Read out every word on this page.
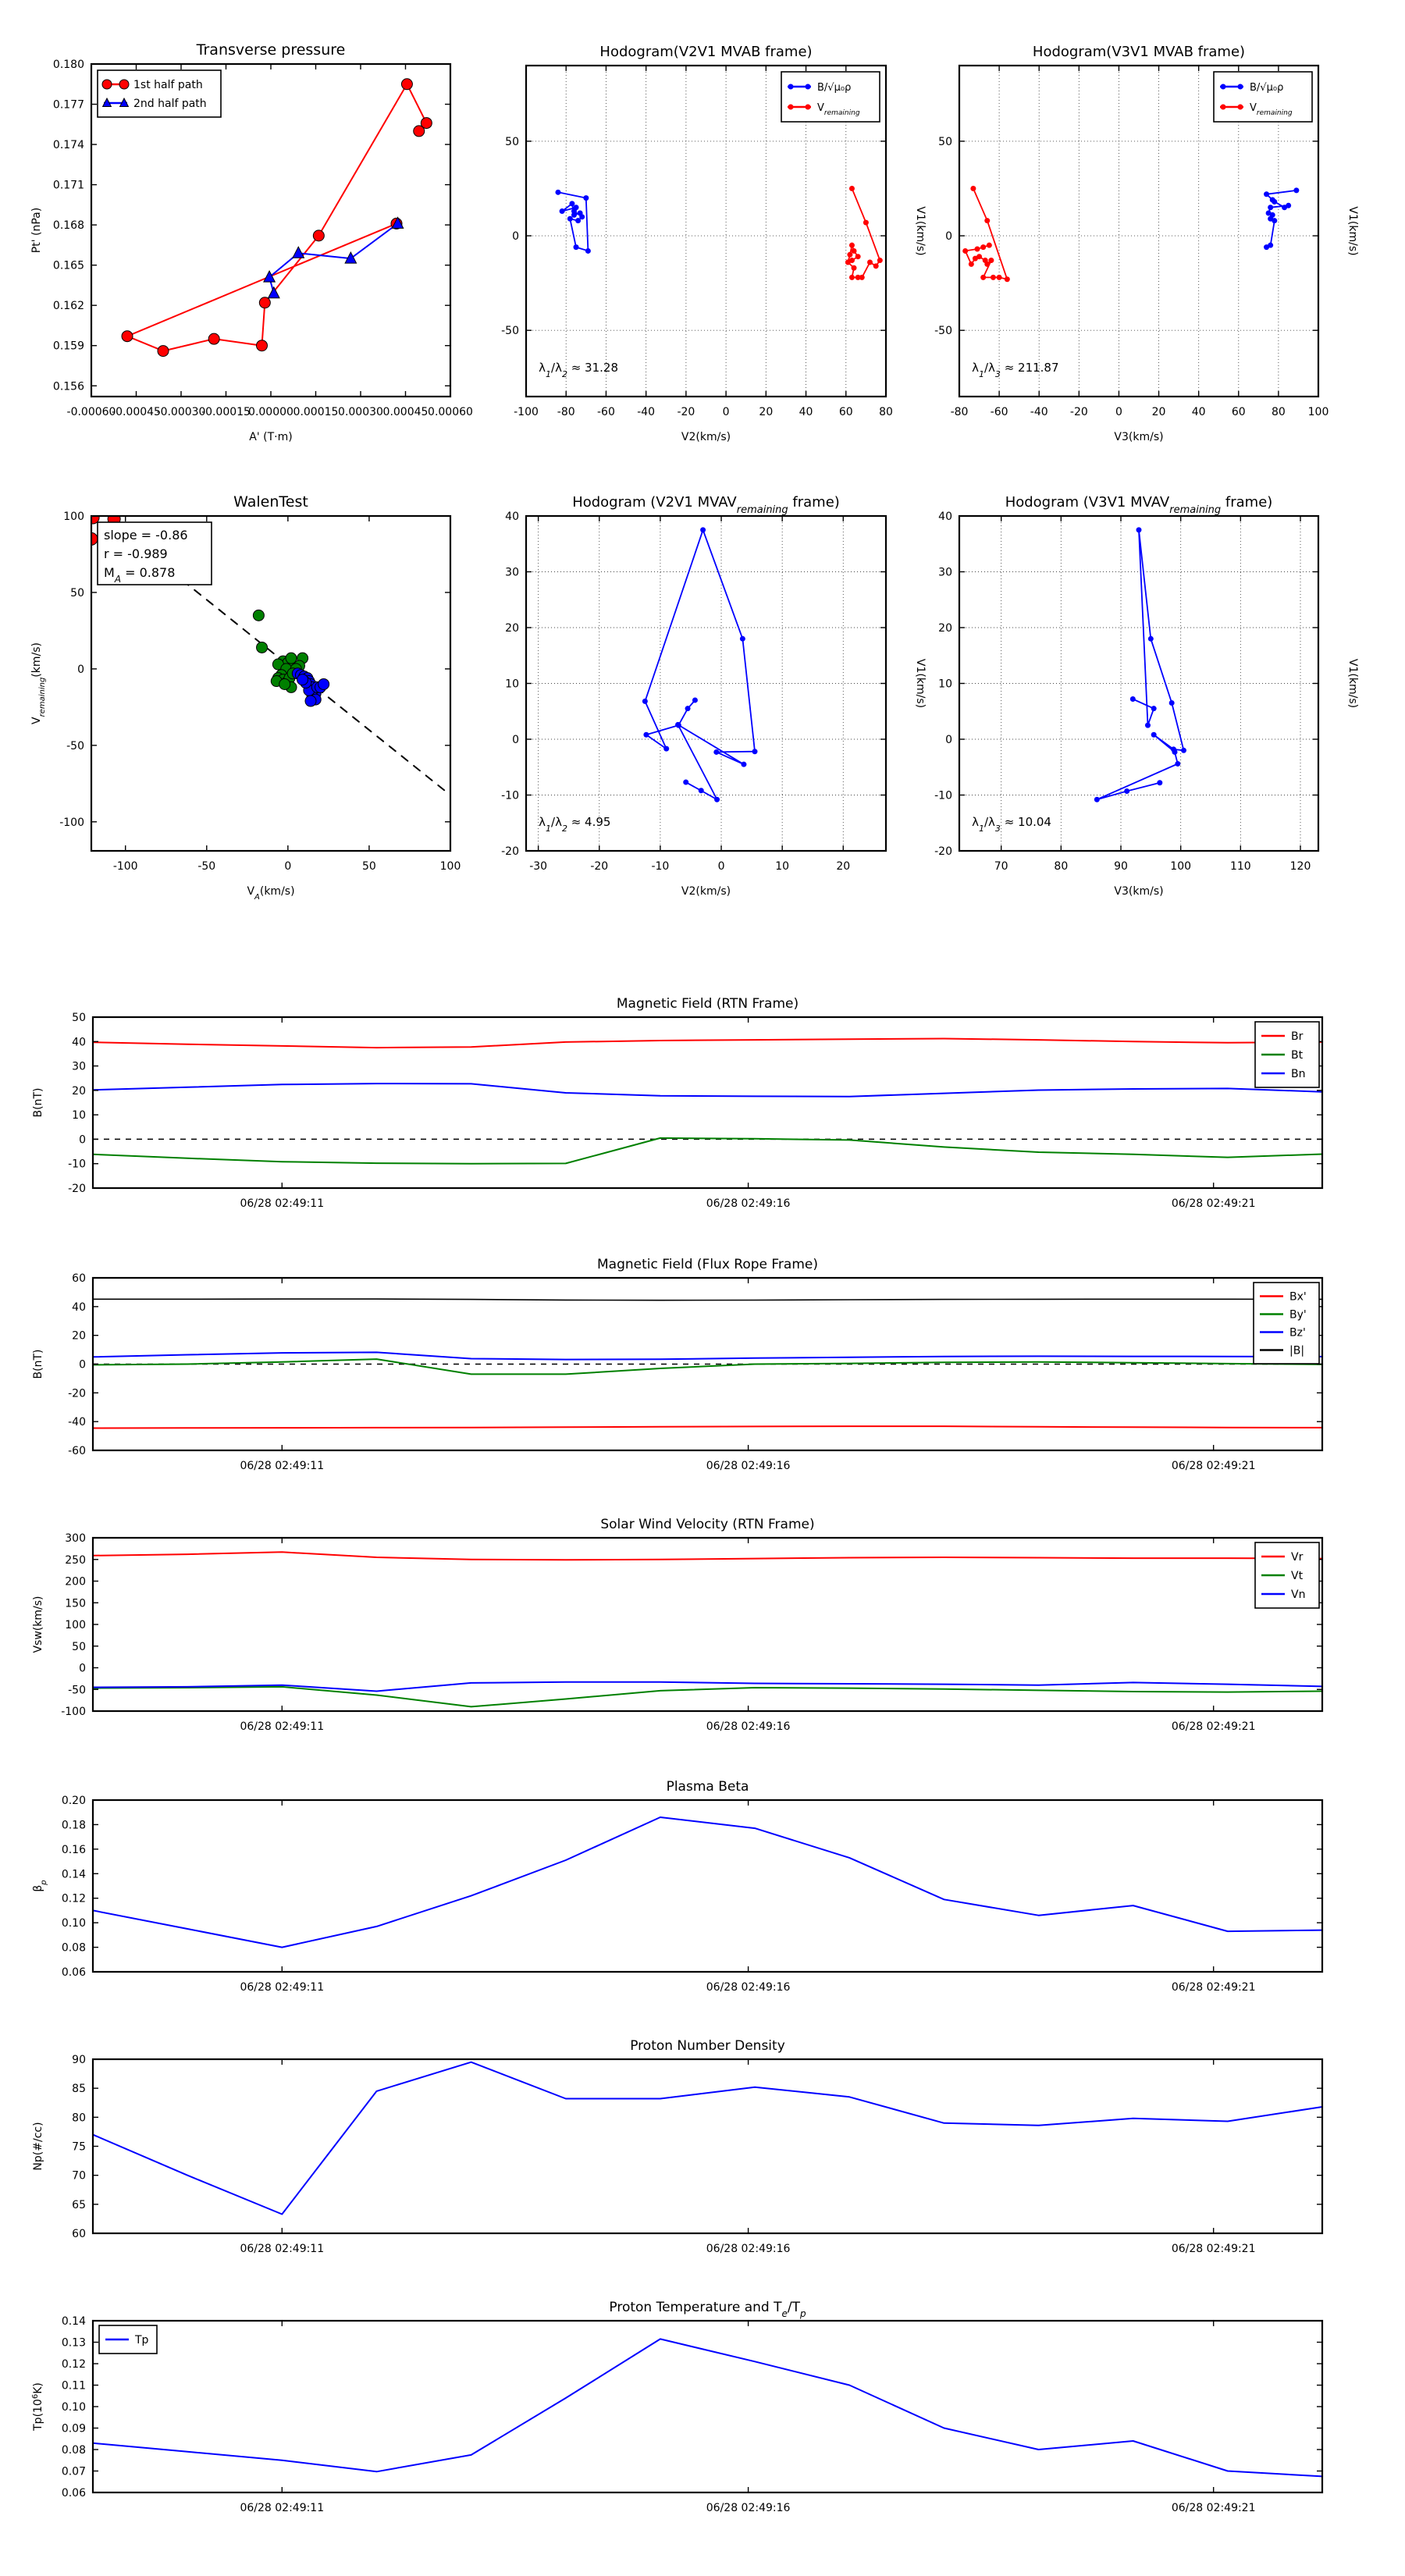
-0.00060
-0.00045
-0.00030
-0.00015
0.00000 0.00015 0.00030 0.00045 0.00060
0.156
0.159
0.162
0.165
0.168
0.171
0.174
0.177
0.180
Transverse pressure
A' (T·m)
Pt' (nPa)
1st half path
2nd half path
-100 -80 -60 -40 -20	0	20 40 60 80
-50
0
50
Hodogram(V2V1 MVAB frame)
V2(km/s)
V1(km/s)
B/√μ₀ρ
$V_{remaining}$
$\lambda_1/\lambda_2 \approx 31.28$
-80 -60 -40 -20	0	20 40 60 80 100
-50
0
50
Hodogram(V3V1 MVAB frame)
V3(km/s)
V1(km/s)
B/√μ₀ρ
$V_{remaining}$
$\lambda_1/\lambda_3 \approx 211.87$
-100	-50	0	50	100
-100
-50
0
50
100
WalenTest
$V_A(km/s)$
$V_{remaining}(km/s)$
slope = -0.86
r = -0.989
$M_A = 0.878$
-30	-20	-10	0	10	20
-20
-10
0
10
20
30
40
Hodogram (V2V1 $MVAV_{remaining}$ frame)
V2(km/s)
V1(km/s)
$\lambda_1/\lambda_2 \approx 4.95$
70	80	90	100	110	120
-20
-10
0
10
20
30
40
Hodogram (V3V1 $MVAV_{remaining}$ frame)
V3(km/s)
V1(km/s)
$\lambda_1/\lambda_3 \approx 10.04$
06/28 02:49:11	06/28 02:49:16	06/28 02:49:21
-20
-10
0
10
20
30
40
50
Magnetic Field (RTN Frame)
B(nT)
Br
Bt
Bn
06/28 02:49:11	06/28 02:49:16	06/28 02:49:21
-60
-40
-20
0
20
40
60
Magnetic Field (Flux Rope Frame)
B(nT)
Bx'
By'
Bz'
|B|
06/28 02:49:11	06/28 02:49:16	06/28 02:49:21
-100
-50
0
50
100
150
200
250
300
Solar Wind Velocity (RTN Frame)
Vsw(km/s)
Vr
Vt
Vn
06/28 02:49:11	06/28 02:49:16	06/28 02:49:21
0.06
0.08
0.10
0.12
0.14
0.16
0.18
0.20
Plasma Beta
$\beta_p$
06/28 02:49:11	06/28 02:49:16	06/28 02:49:21
60
65
70
75
80
85
90
Proton Number Density
Np(#/cc)
06/28 02:49:11	06/28 02:49:16	06/28 02:49:21
0.06
0.07
0.08
0.09
0.10
0.11
0.12
0.13
0.14
Proton Temperature and $T_e/T_p$
$Tp(10^6K)$
Tp
